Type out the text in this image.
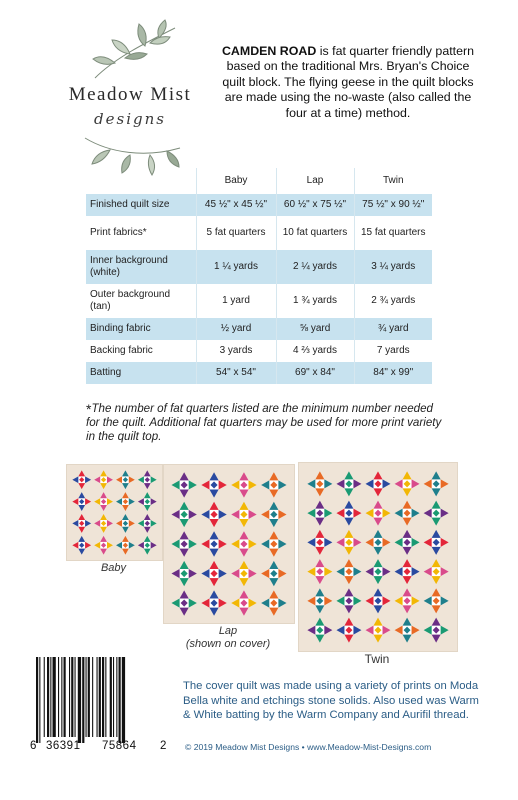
Meadow Mist
designs
CAMDEN ROAD is fat quarter friendly pattern based on the traditional Mrs. Bryan's Choice quilt block. The flying geese in the quilt blocks are made using the no-waste (also called the four at a time) method.
	Baby	Lap	Twin
Finished quilt size	45 ½" x 45 ½"	60 ½" x 75 ½"	75 ½" x 90 ½"
Print fabrics*	5 fat quarters	10 fat quarters	15 fat quarters
Inner background (white)	1 ¼ yards	2 ¼ yards	3 ¼ yards
Outer background (tan)	1 yard	1 ¾ yards	2 ¾ yards
Binding fabric	½ yard	⅝ yard	¾ yard
Backing fabric	3 yards	4 ⅔ yards	7 yards
Batting	54" x 54"	69" x 84"	84" x 99"
*The number of fat quarters listed are the minimum number needed for the quilt. Additional fat quarters may be used for more print variety in the quilt top.
Baby
Lap
(shown on cover)
Twin
6 36391 75864 2
The cover quilt was made using a variety of prints on Moda Bella white and etchings stone solids. Also used was Warm & White batting by the Warm Company and Aurifil thread.
© 2019 Meadow Mist Designs • www.Meadow-Mist-Designs.com
